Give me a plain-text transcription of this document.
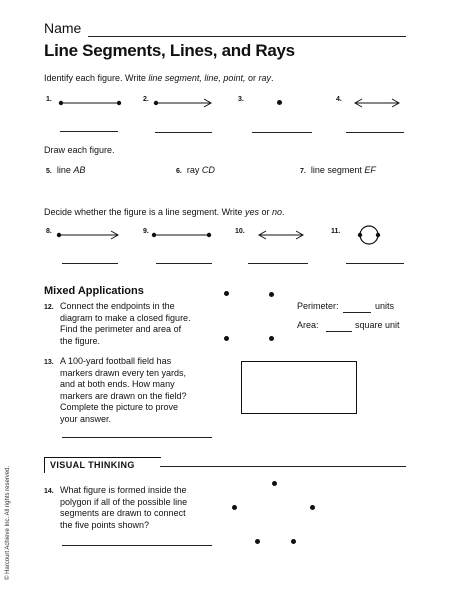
Name
Line Segments, Lines, and Rays
Identify each figure. Write line segment, line, point, or ray.
1.	2.	3.	4.
Draw each figure.
5. line AB	6. ray CD	7. line segment EF
Decide whether the figure is a line segment. Write yes or no.
8.	9.	10.	11.
Mixed Applications
12. Connect the endpoints in the
diagram to make a closed figure.
Find the perimeter and area of
the figure.
Perimeter:	units
Area:	square unit
13. A 100-yard football field has
markers drawn every ten yards,
and at both ends. How many
markers are drawn on the field?
Complete the picture to prove
your answer.
VISUAL THINKING
14. What figure is formed inside the
polygon if all of the possible line
segments are drawn to connect
the five points shown?
© Harcourt Achieve Inc. All rights reserved.
